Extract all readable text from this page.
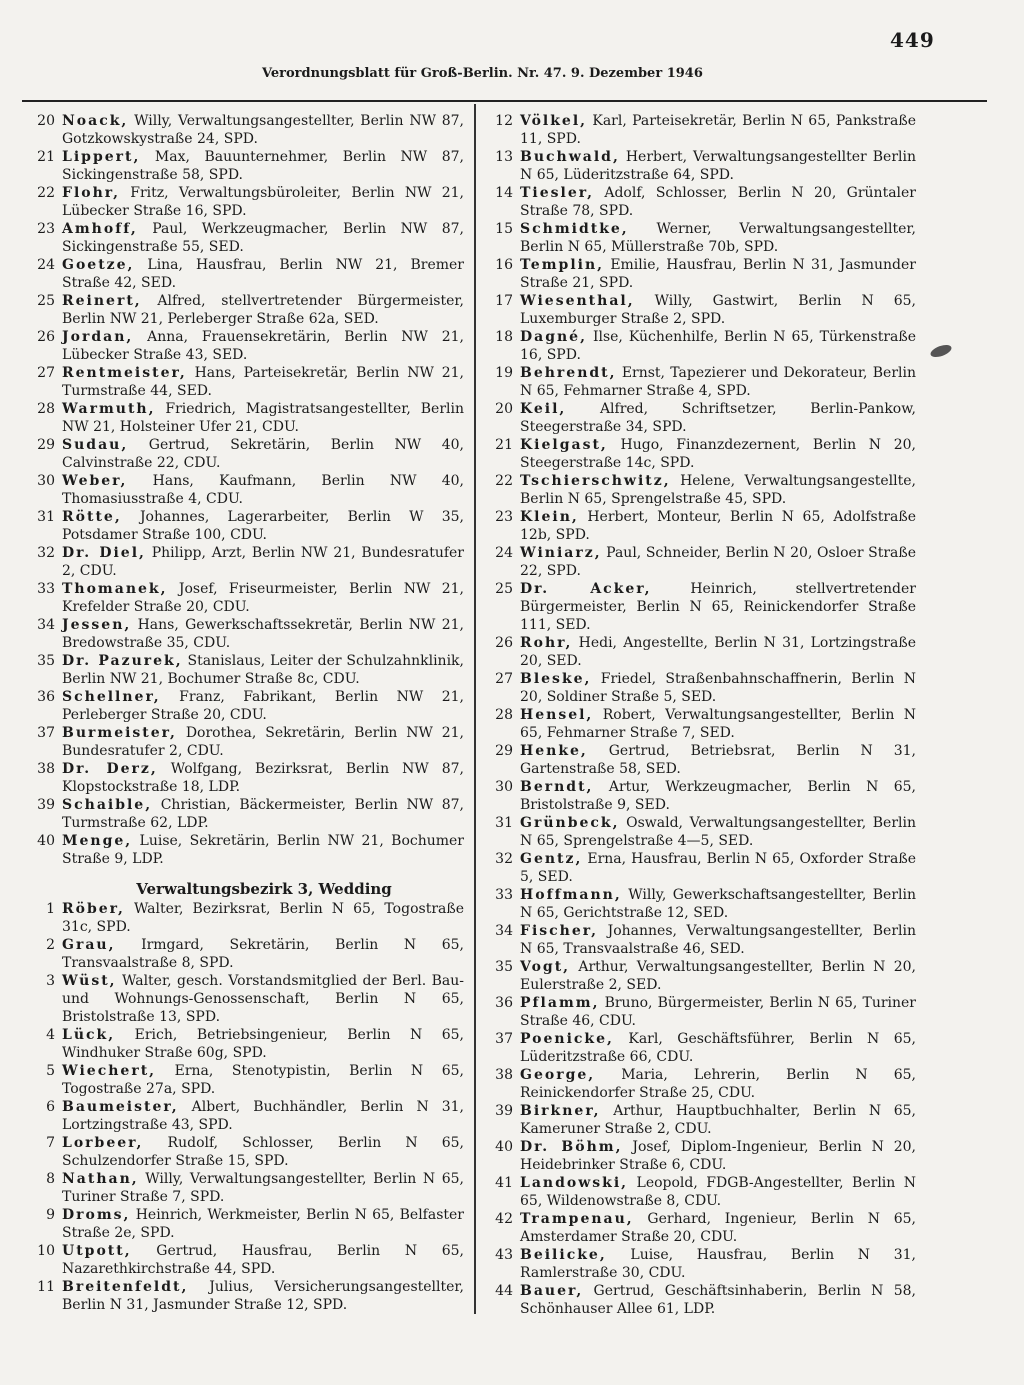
449
Verordnungsblatt für Groß-Berlin. Nr. 47. 9. Dezember 1946
20 Noack, Willy, Verwaltungsangestellter, Berlin NW 87, Gotzkowskystraße 24, SPD.
21 Lippert, Max, Bauunternehmer, Berlin NW 87, Sickingenstraße 58, SPD.
22 Flohr, Fritz, Verwaltungsbüroleiter, Berlin NW 21, Lübecker Straße 16, SPD.
23 Amhoff, Paul, Werkzeugmacher, Berlin NW 87, Sickingenstraße 55, SED.
24 Goetze, Lina, Hausfrau, Berlin NW 21, Bremer Straße 42, SED.
25 Reinert, Alfred, stellvertretender Bürgermeister, Berlin NW 21, Perleberger Straße 62a, SED.
26 Jordan, Anna, Frauensekretärin, Berlin NW 21, Lübecker Straße 43, SED.
27 Rentmeister, Hans, Parteisekretär, Berlin NW 21, Turmstraße 44, SED.
28 Warmuth, Friedrich, Magistratsangestellter, Berlin NW 21, Holsteiner Ufer 21, CDU.
29 Sudau, Gertrud, Sekretärin, Berlin NW 40, Calvinstraße 22, CDU.
30 Weber, Hans, Kaufmann, Berlin NW 40, Thomasiusstraße 4, CDU.
31 Rötte, Johannes, Lagerarbeiter, Berlin W 35, Potsdamer Straße 100, CDU.
32 Dr. Diel, Philipp, Arzt, Berlin NW 21, Bundesratufer 2, CDU.
33 Thomanek, Josef, Friseurmeister, Berlin NW 21, Krefelder Straße 20, CDU.
34 Jessen, Hans, Gewerkschaftssekretär, Berlin NW 21, Bredowstraße 35, CDU.
35 Dr. Pazurek, Stanislaus, Leiter der Schulzahnklinik, Berlin NW 21, Bochumer Straße 8c, CDU.
36 Schellner, Franz, Fabrikant, Berlin NW 21, Perleberger Straße 20, CDU.
37 Burmeister, Dorothea, Sekretärin, Berlin NW 21, Bundesratufer 2, CDU.
38 Dr. Derz, Wolfgang, Bezirksrat, Berlin NW 87, Klopstockstraße 18, LDP.
39 Schaible, Christian, Bäckermeister, Berlin NW 87, Turmstraße 62, LDP.
40 Menge, Luise, Sekretärin, Berlin NW 21, Bochumer Straße 9, LDP.
Verwaltungsbezirk 3, Wedding
1 Röber, Walter, Bezirksrat, Berlin N 65, Togostraße 31c, SPD.
2 Grau, Irmgard, Sekretärin, Berlin N 65, Transvaalstraße 8, SPD.
3 Wüst, Walter, gesch. Vorstandsmitglied der Berl. Bau- und Wohnungs-Genossenschaft, Berlin N 65, Bristolstraße 13, SPD.
4 Lück, Erich, Betriebsingenieur, Berlin N 65, Windhuker Straße 60g, SPD.
5 Wiechert, Erna, Stenotypistin, Berlin N 65, Togostraße 27a, SPD.
6 Baumeister, Albert, Buchhändler, Berlin N 31, Lortzingstraße 43, SPD.
7 Lorbeer, Rudolf, Schlosser, Berlin N 65, Schulzendorfer Straße 15, SPD.
8 Nathan, Willy, Verwaltungsangestellter, Berlin N 65, Turiner Straße 7, SPD.
9 Droms, Heinrich, Werkmeister, Berlin N 65, Belfaster Straße 2e, SPD.
10 Utpott, Gertrud, Hausfrau, Berlin N 65, Nazarethkirchstraße 44, SPD.
11 Breitenfeldt, Julius, Versicherungsangestellter, Berlin N 31, Jasmunder Straße 12, SPD.
12 Völkel, Karl, Parteisekretär, Berlin N 65, Pankstraße 11, SPD.
13 Buchwald, Herbert, Verwaltungsangestellter Berlin N 65, Lüderitzstraße 64, SPD.
14 Tiesler, Adolf, Schlosser, Berlin N 20, Grüntaler Straße 78, SPD.
15 Schmidtke, Werner, Verwaltungsangestellter, Berlin N 65, Müllerstraße 70b, SPD.
16 Templin, Emilie, Hausfrau, Berlin N 31, Jasmunder Straße 21, SPD.
17 Wiesenthal, Willy, Gastwirt, Berlin N 65, Luxemburger Straße 2, SPD.
18 Dagné, Ilse, Küchenhilfe, Berlin N 65, Türkenstraße 16, SPD.
19 Behrendt, Ernst, Tapezierer und Dekorateur, Berlin N 65, Fehmarner Straße 4, SPD.
20 Keil, Alfred, Schriftsetzer, Berlin-Pankow, Steegerstraße 34, SPD.
21 Kielgast, Hugo, Finanzdezernent, Berlin N 20, Steegerstraße 14c, SPD.
22 Tschierschwitz, Helene, Verwaltungsangestellte, Berlin N 65, Sprengelstraße 45, SPD.
23 Klein, Herbert, Monteur, Berlin N 65, Adolfstraße 12b, SPD.
24 Winiarz, Paul, Schneider, Berlin N 20, Osloer Straße 22, SPD.
25 Dr. Acker,	Heinrich, stellvertretender Bürgermeister, Berlin N 65, Reinickendorfer Straße 111, SED.
26 Rohr, Hedi, Angestellte, Berlin N 31, Lortzingstraße 20, SED.
27 Bleske, Friedel, Straßenbahnschaffnerin, Berlin N 20, Soldiner Straße 5, SED.
28 Hensel, Robert, Verwaltungsangestellter, Berlin N 65, Fehmarner Straße 7, SED.
29 Henke, Gertrud, Betriebsrat, Berlin N 31, Gartenstraße 58, SED.
30 Berndt, Artur, Werkzeugmacher, Berlin N 65, Bristolstraße 9, SED.
31 Grünbeck, Oswald, Verwaltungsangestellter, Berlin N 65, Sprengelstraße 4—5, SED.
32 Gentz, Erna, Hausfrau, Berlin N 65, Oxforder Straße 5, SED.
33 Hoffmann, Willy, Gewerkschaftsangestellter, Berlin N 65, Gerichtstraße 12, SED.
34 Fischer, Johannes, Verwaltungsangestellter, Berlin N 65, Transvaalstraße 46, SED.
35 Vogt, Arthur, Verwaltungsangestellter, Berlin N 20, Eulerstraße 2, SED.
36 Pflamm, Bruno, Bürgermeister, Berlin N 65, Turiner Straße 46, CDU.
37 Poenicke, Karl, Geschäftsführer, Berlin N 65, Lüderitzstraße 66, CDU.
38 George, Maria, Lehrerin, Berlin N 65, Reinickendorfer Straße 25, CDU.
39 Birkner, Arthur, Hauptbuchhalter, Berlin N 65, Kameruner Straße 2, CDU.
40 Dr. Böhm, Josef, Diplom-Ingenieur, Berlin N 20, Heidebrinker Straße 6, CDU.
41 Landowski, Leopold, FDGB-Angestellter, Berlin N 65, Wildenowstraße 8, CDU.
42 Trampenau, Gerhard, Ingenieur, Berlin N 65, Amsterdamer Straße 20, CDU.
43 Beilicke, Luise, Hausfrau, Berlin N 31, Ramlerstraße 30, CDU.
44 Bauer, Gertrud, Geschäftsinhaberin, Berlin N 58, Schönhauser Allee 61, LDP.
